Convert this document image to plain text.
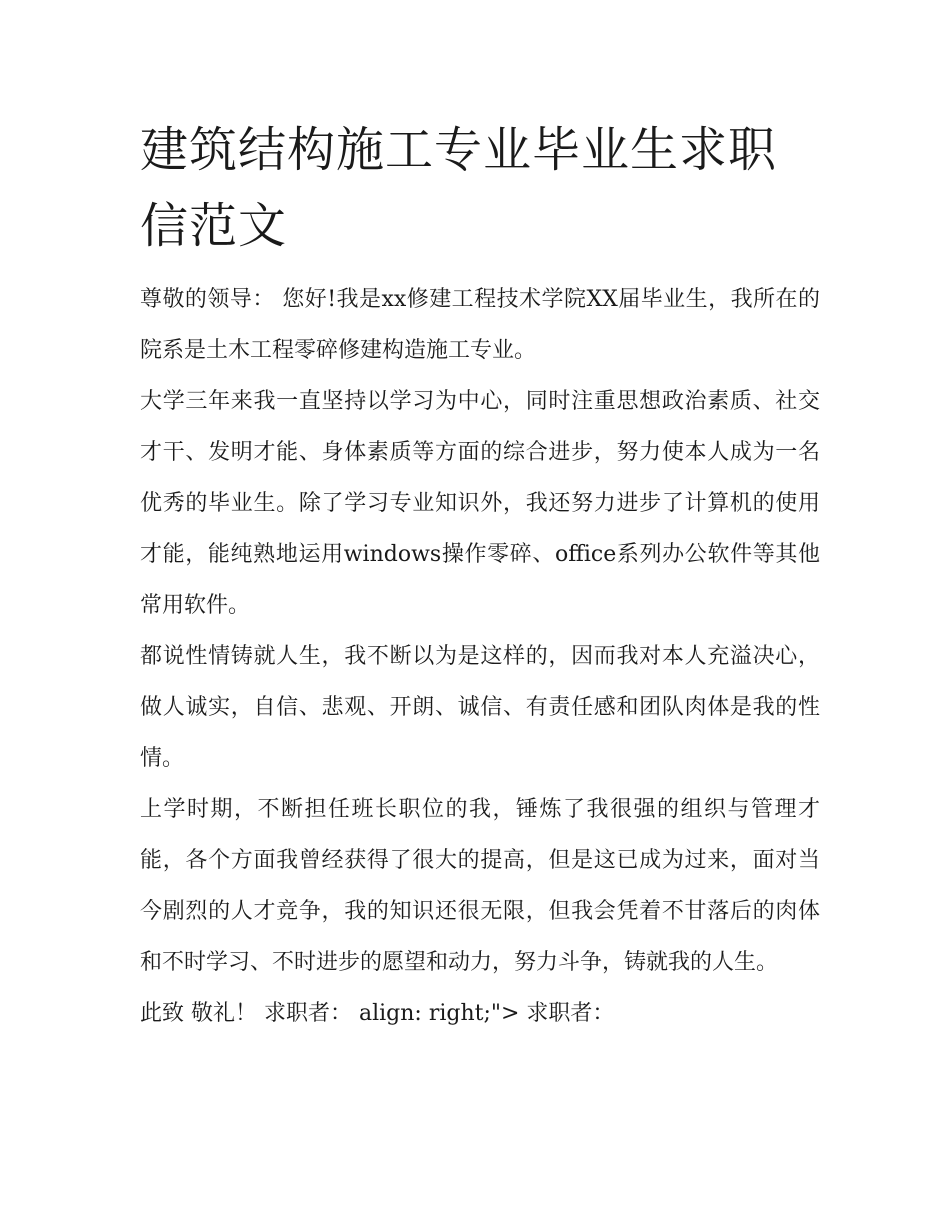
建筑结构施工专业毕业生求职信范文

尊敬的领导： 您好!我是xx修建工程技术学院XX届毕业生，我所在的院系是土木工程零碎修建构造施工专业。

大学三年来我一直坚持以学习为中心，同时注重思想政治素质、社交才干、发明才能、身体素质等方面的综合进步，努力使本人成为一名优秀的毕业生。除了学习专业知识外，我还努力进步了计算机的使用才能，能纯熟地运用windows操作零碎、office系列办公软件等其他常用软件。

都说性情铸就人生，我不断以为是这样的，因而我对本人充溢决心，做人诚实，自信、悲观、开朗、诚信、有责任感和团队肉体是我的性情。

上学时期，不断担任班长职位的我，锤炼了我很强的组织与管理才能，各个方面我曾经获得了很大的提高，但是这已成为过来，面对当今剧烈的人才竞争，我的知识还很无限，但我会凭着不甘落后的肉体和不时学习、不时进步的愿望和动力，努力斗争，铸就我的人生。

此致 敬礼！ 求职者： align: right;"> 求职者：
